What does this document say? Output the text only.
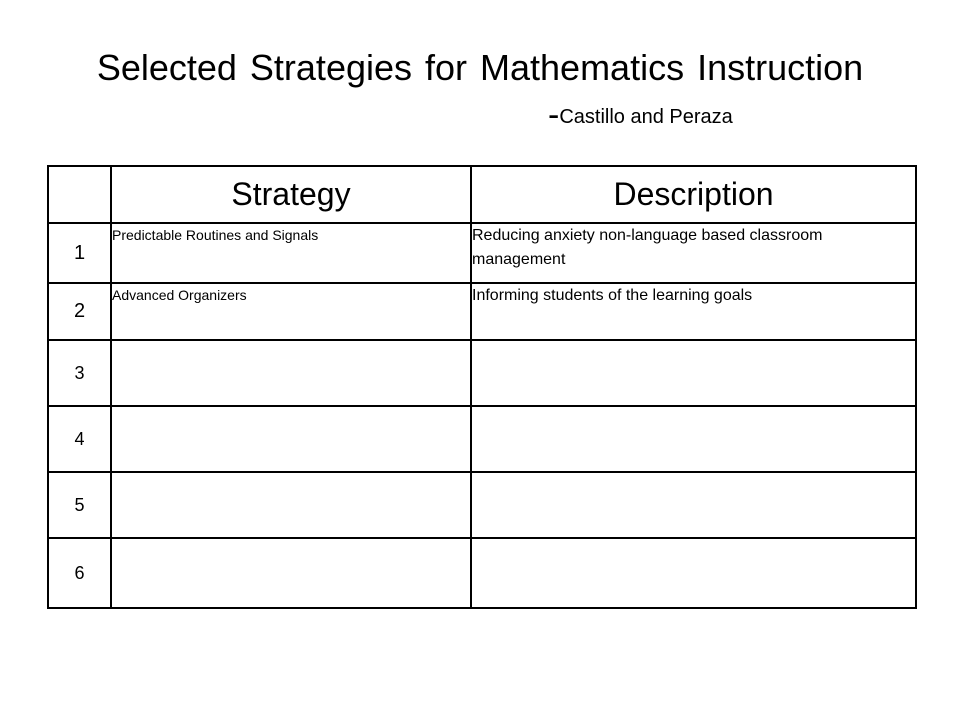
Selected Strategies for Mathematics Instruction
-Castillo and Peraza
	Strategy	Description
1	Predictable Routines and Signals	Reducing anxiety non-language based classroom management
2	Advanced Organizers	Informing students of the learning goals
3		
4		
5		
6		
